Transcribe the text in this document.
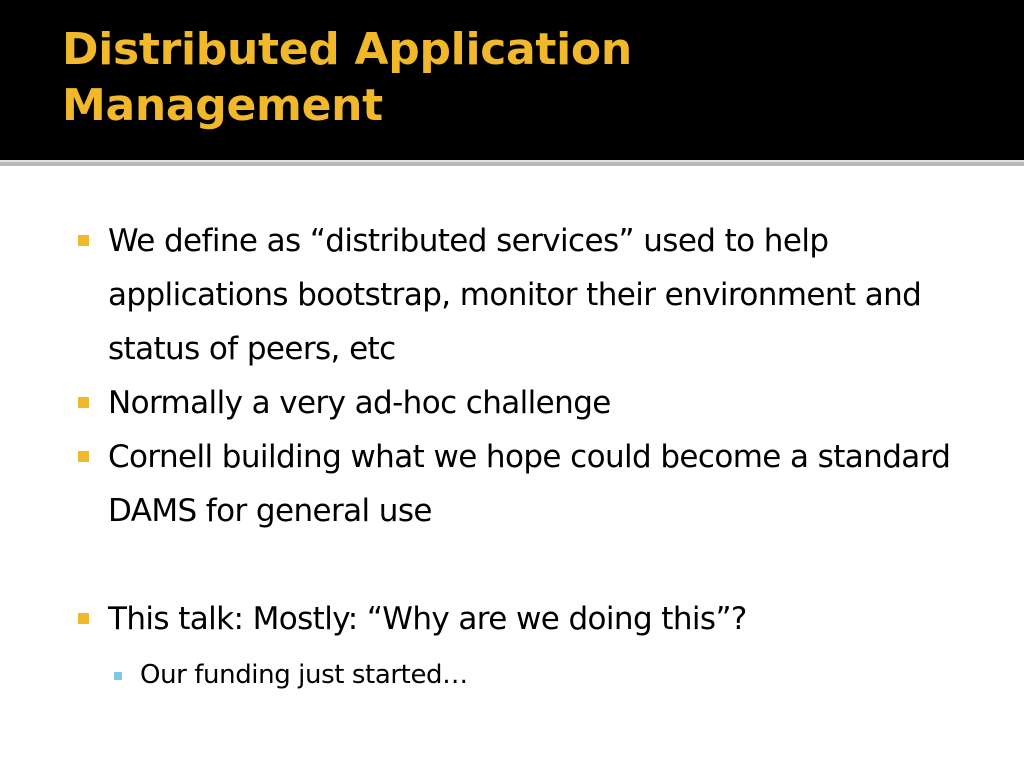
Distributed Application
Management
We define as “distributed services” used to help applications bootstrap, monitor their environment and status of peers, etc
Normally a very ad-hoc challenge
Cornell building what we hope could become a standard DAMS for general use
This talk: Mostly: “Why are we doing this”?
Our funding just started…
